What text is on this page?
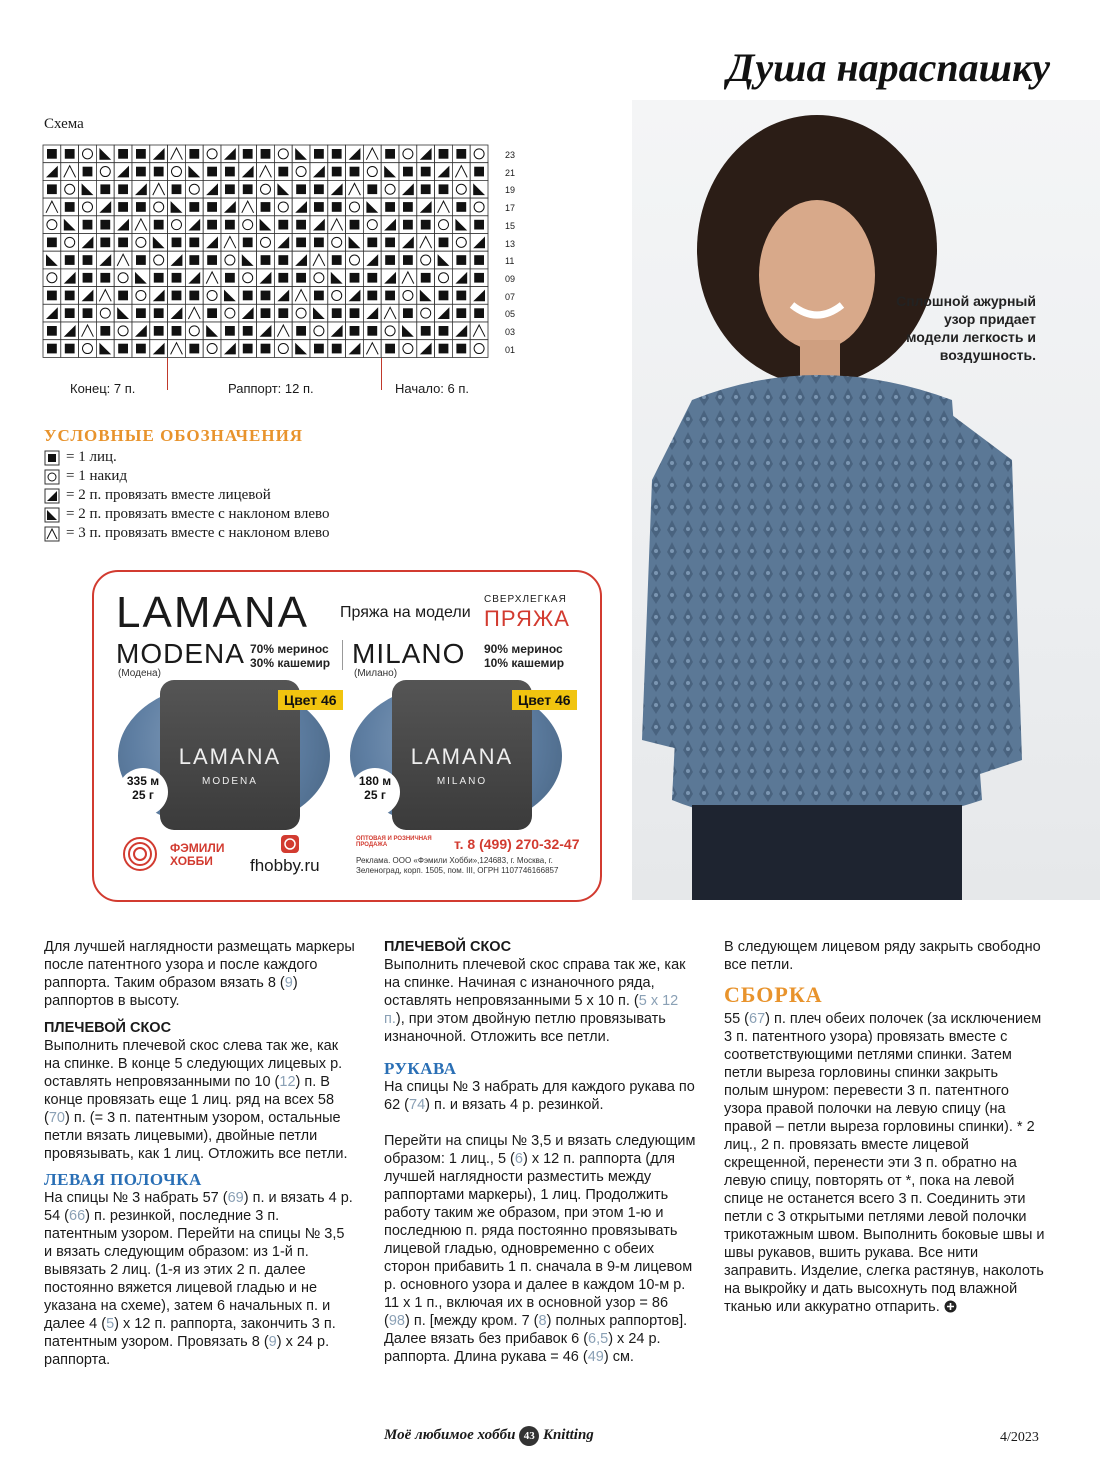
Душа нараспашку
Сплошной ажурный узор придает модели легкость и воздушность.
Схема
23
21
19
17
15
13
11
09
07
05
03
01
Конец: 7 п.	Раппорт: 12 п.	Начало: 6 п.
УСЛОВНЫЕ ОБОЗНАЧЕНИЯ
= 1 лиц.
= 1 накид
= 2 п. провязать вместе лицевой
= 2 п. провязать вместе с наклоном влево
= 3 п. провязать вместе с наклоном влево
LAMANA Пряжа на модели
СВЕРХЛЕГКАЯ
ПРЯЖА
MODENA
(Модена)
70% меринос
30% кашемир MILANO
(Милано)
90% меринос
10% кашемир
LAMANA
MODENA
Цвет 46
335 м
25 г
LAMANA
MILANO
Цвет 46
180 м
25 г
ФЭМИЛИ
ХОББИ	fhobby.ru
ОПТОВАЯ И РОЗНИЧНАЯ ПРОДАЖА	т. 8 (499) 270-32-47
Реклама. ООО «Фэмили Хобби»,124683, г. Москва, г. Зеленоград, корп. 1505, пом. III, ОГРН 1107746166857

Для лучшей наглядности размещать маркеры после патентного узора и после каждого раппорта. Таким образом вязать 8 (9) раппортов в высоту.

ПЛЕЧЕВОЙ СКОС

Выполнить плечевой скос слева так же, как на спинке. В конце 5 следующих лицевых р. оставлять непровязанными по 10 (12) п. В конце провязать еще 1 лиц. ряд на всех 58 (70) п. (= 3 п. патентным узором, остальные петли вязать лицевыми), двойные петли провязывать, как 1 лиц. Отложить все петли.

ЛЕВАЯ ПОЛОЧКА

На спицы № 3 набрать 57 (69) п. и вязать 4 р. 54 (66) п. резинкой, последние 3 п. патентным узором. Перейти на спицы № 3,5 и вязать следующим образом: из 1-й п. вывязать 2 лиц. (1-я из этих 2 п. далее постоянно вяжется лицевой гладью и не указана на схеме), затем 6 начальных п. и далее 4 (5) х 12 п. раппорта, закончить 3 п. патентным узором. Провязать 8 (9) х 24 р. раппорта.

ПЛЕЧЕВОЙ СКОС

Выполнить плечевой скос справа так же, как на спинке. Начиная с изнаночного ряда, оставлять непровязанными 5 х 10 п. (5 х 12 п.), при этом двойную петлю провязывать изнаночной. Отложить все петли.

РУКАВА

На спицы № 3 набрать для каждого рукава по 62 (74) п. и вязать 4 р. резинкой.

Перейти на спицы № 3,5 и вязать следующим образом: 1 лиц., 5 (6) х 12 п. раппорта (для лучшей наглядности разместить между раппортами маркеры), 1 лиц. Продолжить работу таким же образом, при этом 1-ю и последнюю п. ряда постоянно провязывать лицевой гладью, одновременно с обеих сторон прибавить 1 п. сначала в 9-м лицевом р. основного узора и далее в каждом 10-м р. 11 х 1 п., включая их в основной узор = 86 (98) п. [между кром. 7 (8) полных раппортов]. Далее вязать без прибавок 6 (6,5) х 24 р. раппорта. Длина рукава = 46 (49) см.

В следующем лицевом ряду закрыть свободно все петли.

СБОРКА

55 (67) п. плеч обеих полочек (за исключением 3 п. патентного узора) провязать вместе с соответствующими петлями спинки. Затем петли выреза горловины спинки закрыть полым шнуром: перевести 3 п. патентного узора правой полочки на левую спицу (на правой – петли выреза горловины спинки). * 2 лиц., 2 п. провязать вместе лицевой скрещенной, перенести эти 3 п. обратно на левую спицу, повторять от *, пока на левой спице не останется всего 3 п. Соединить эти петли с 3 открытыми петлями левой полочки трикотажным швом. Выполнить боковые швы и швы рукавов, вшить рукава. Все нити заправить. Изделие, слегка растянув, наколоть на выкройку и дать высохнуть под влажной тканью или аккуратно отпарить.

Моё любимое хобби 43 Knitting	4/2023
